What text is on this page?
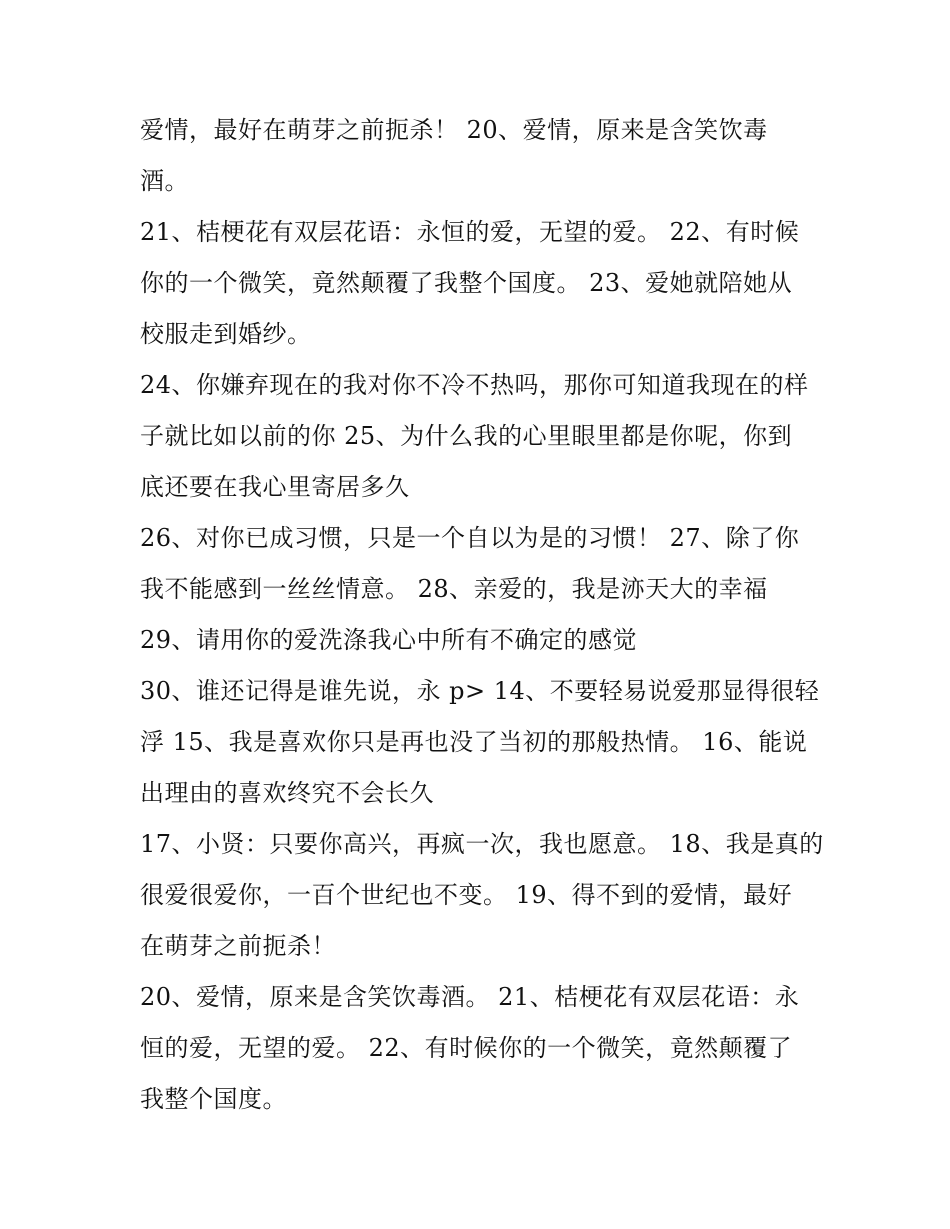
爱情，最好在萌芽之前扼杀！ 20、爱情，原来是含笑饮毒
酒。
21、桔梗花有双层花语：永恒的爱，无望的爱。 22、有时候
你的一个微笑，竟然颠覆了我整个国度。 23、爱她就陪她从
校服走到婚纱。
24、你嫌弃现在的我对你不冷不热吗，那你可知道我现在的样
子就比如以前的你 25、为什么我的心里眼里都是你呢，你到
底还要在我心里寄居多久
26、对你已成习惯，只是一个自以为是的习惯！ 27、除了你
我不能感到一丝丝情意。 28、亲爱的，我是洂天大的幸福
29、请用你的爱洗涤我心中所有不确定的感觉
30、谁还记得是谁先说，永 p> 14、不要轻易说爱那显得很轻
浮 15、我是喜欢你只是再也没了当初的那般热情。 16、能说
出理由的喜欢终究不会长久
17、小贤：只要你高兴，再疯一次，我也愿意。 18、我是真的
很爱很爱你，一百个世纪也不变。 19、得不到的爱情，最好
在萌芽之前扼杀！
20、爱情，原来是含笑饮毒酒。 21、桔梗花有双层花语：永
恒的爱，无望的爱。 22、有时候你的一个微笑，竟然颠覆了
我整个国度。
